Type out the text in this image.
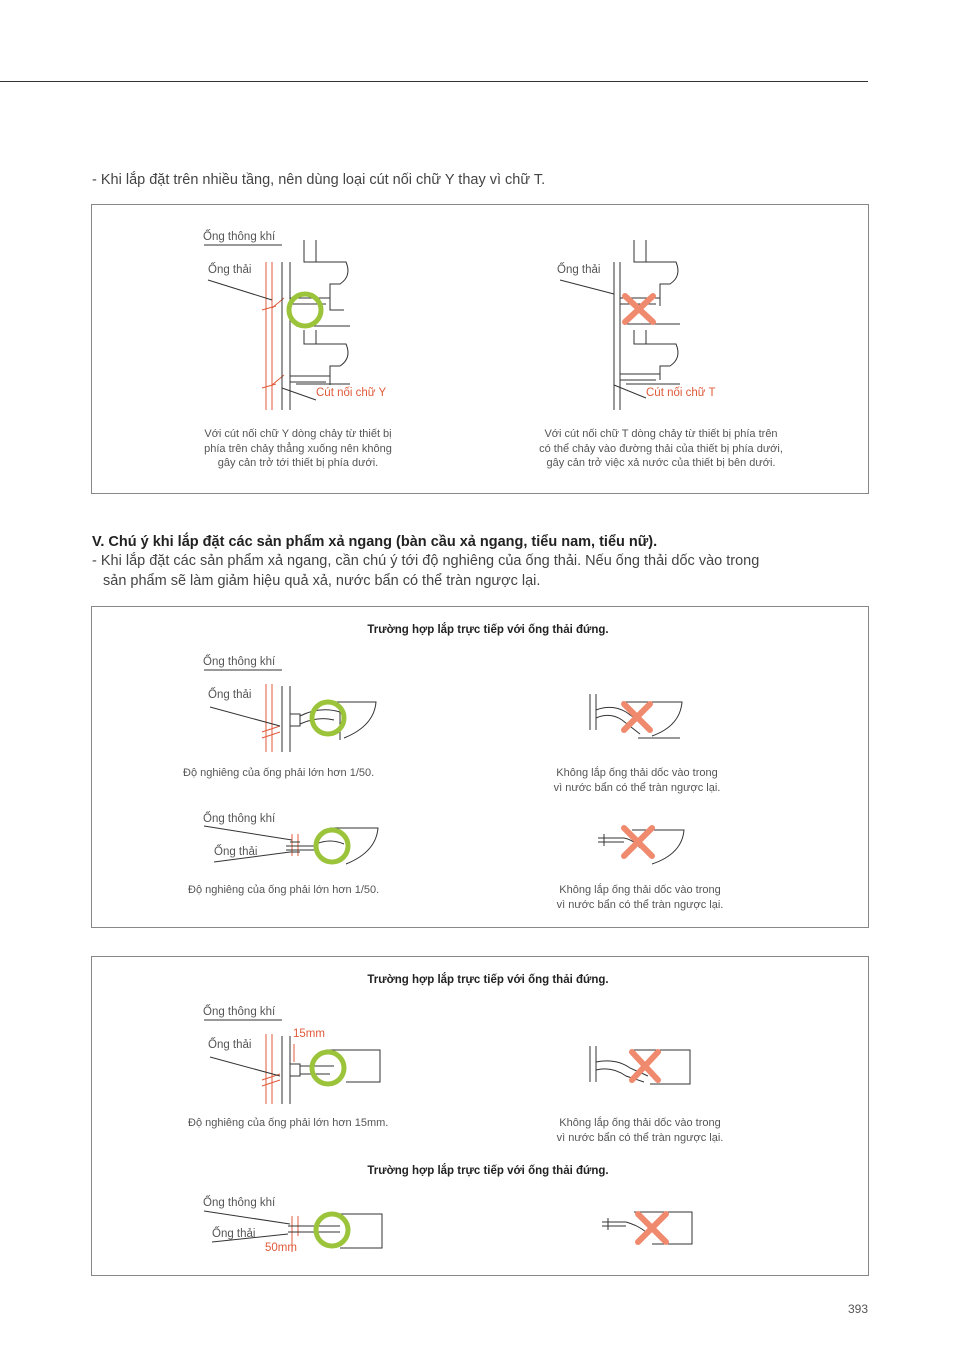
- Khi lắp đặt trên nhiều tầng, nên dùng loại cút nối chữ Y thay vì chữ T.
Ống thông khí
Ống thải
Cút nối chữ Y
Với cút nối chữ Y dòng chảy từ thiết bị
phía trên chảy thẳng xuống nên không
gây cản trở tới thiết bị phía dưới.
Ống thải
Cút nối chữ T
Với cút nối chữ T dòng chảy từ thiết bị phía trên
có thể chảy vào đường thải của thiết bị phía dưới,
gây cản trở việc xả nước của thiết bị bên dưới.
V. Chú ý khi lắp đặt các sản phẩm xả ngang (bàn cầu xả ngang, tiểu nam, tiểu nữ).
- Khi lắp đặt các sản phẩm xả ngang, cần chú ý tới độ nghiêng của ống thải. Nếu ống thải dốc vào trong
sản phẩm sẽ làm giảm hiệu quả xả, nước bẩn có thể tràn ngược lại.
Trường hợp lắp trực tiếp với ống thải đứng.
Ống thông khí
Ống thải
Độ nghiêng của ống phải lớn hơn 1/50.	Không lắp ống thải dốc vào trong
vì nước bẩn có thể tràn ngược lại.
Ống thông khí
Ống thải
Độ nghiêng của ống phải lớn hơn 1/50.	Không lắp ống thải dốc vào trong
vì nước bẩn có thể tràn ngược lại.
Trường hợp lắp trực tiếp với ống thải đứng.
Ống thông khí
Ống thải
15mm
Độ nghiêng của ống phải lớn hơn 15mm.	Không lắp ống thải dốc vào trong
vì nước bẩn có thể tràn ngược lại.
Trường hợp lắp trực tiếp với ống thải đứng.
Ống thông khí
Ống thải
50mm
393
